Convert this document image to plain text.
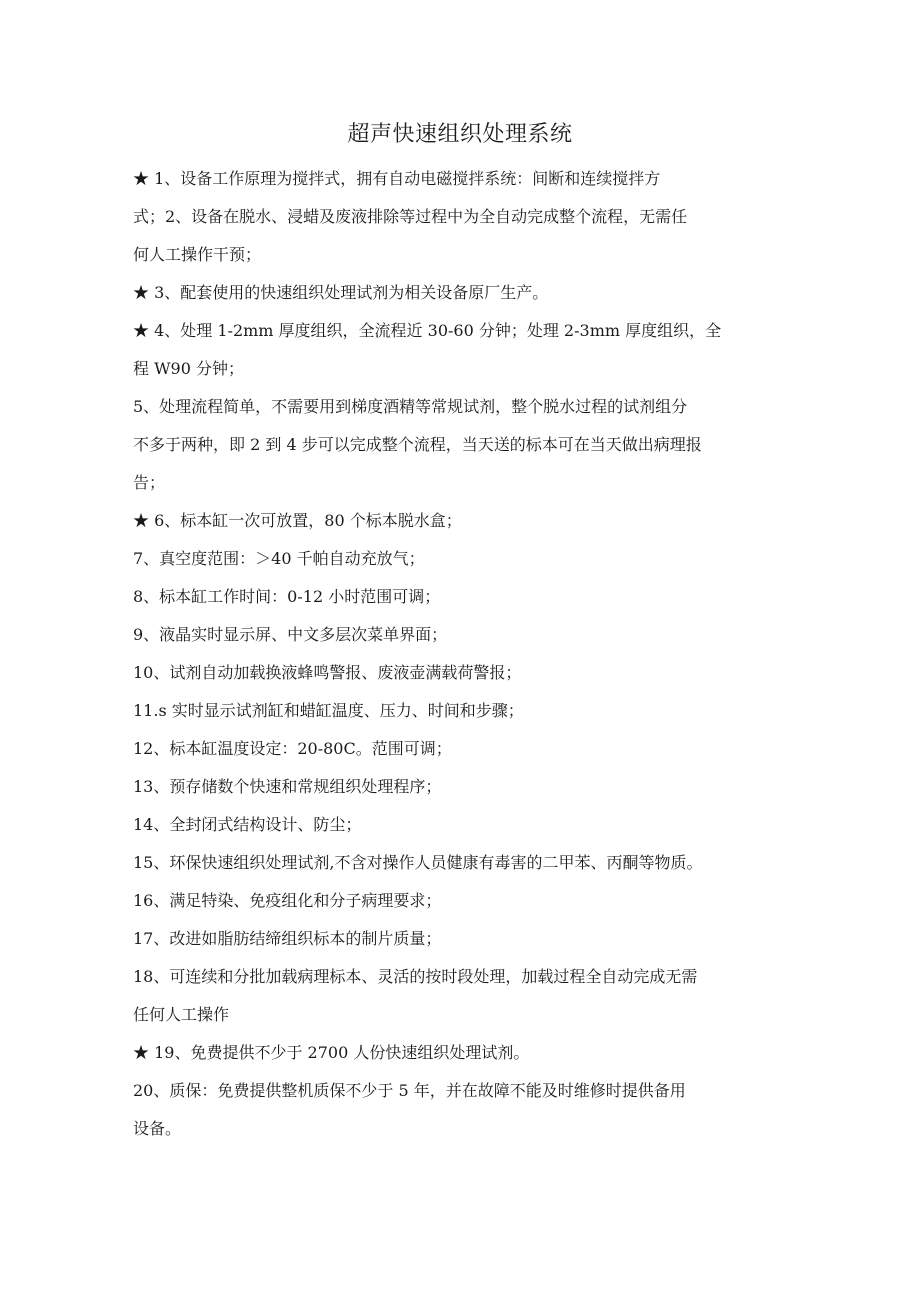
超声快速组织处理系统

★ 1、设备工作原理为搅拌式，拥有自动电磁搅拌系统：间断和连续搅拌方
式；2、设备在脱水、浸蜡及废液排除等过程中为全自动完成整个流程，无需任
何人工操作干预；

★ 3、配套使用的快速组织处理试剂为相关设备原厂生产。

★ 4、处理 1-2mm 厚度组织，全流程近 30-60 分钟；处理 2-3mm 厚度组织，全
程 W90 分钟；

5、处理流程简单，不需要用到梯度酒精等常规试剂，整个脱水过程的试剂组分
不多于两种，即 2 到 4 步可以完成整个流程，当天送的标本可在当天做出病理报
告；

★ 6、标本缸一次可放置，80 个标本脱水盒；

7、真空度范围：＞40 千帕自动充放气；

8、标本缸工作时间：0-12 小时范围可调；

9、液晶实时显示屏、中文多层次菜单界面；

10、试剂自动加载换液蜂鸣警报、废液壶满载荷警报；

11.s 实时显示试剂缸和蜡缸温度、压力、时间和步骤；

12、标本缸温度设定：20-80C。范围可调；

13、预存储数个快速和常规组织处理程序；

14、全封闭式结构设计、防尘；

15、环保快速组织处理试剂,不含对操作人员健康有毒害的二甲苯、丙酮等物质。

16、满足特染、免疫组化和分子病理要求；

17、改进如脂肪结缔组织标本的制片质量；

18、可连续和分批加载病理标本、灵活的按时段处理，加载过程全自动完成无需
任何人工操作

★ 19、免费提供不少于 2700 人份快速组织处理试剂。

20、质保：免费提供整机质保不少于 5 年，并在故障不能及时维修时提供备用
设备。
